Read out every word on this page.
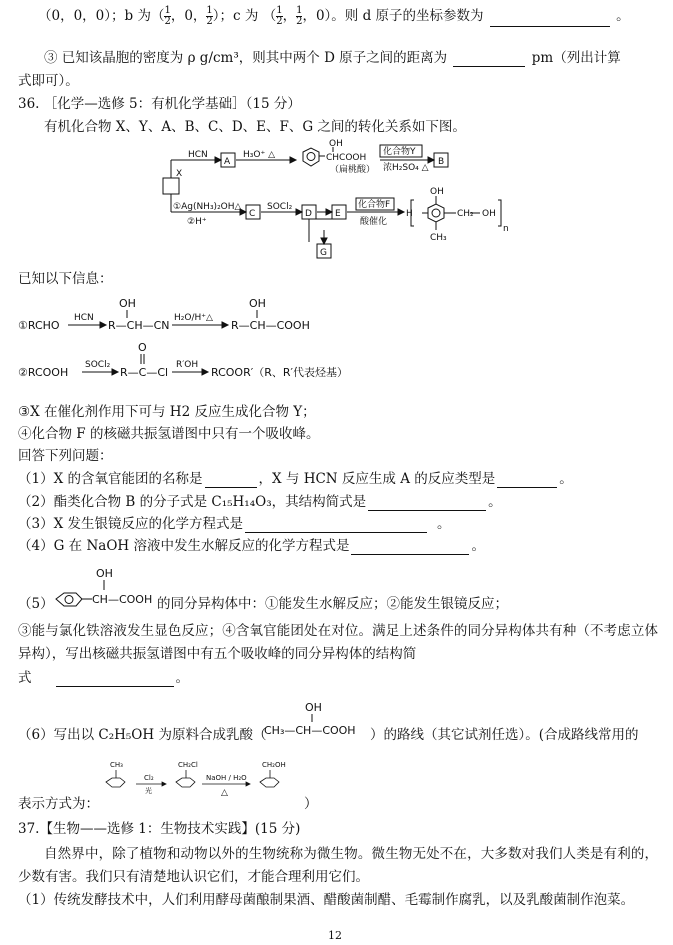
（0，0，0）；b 为（ $\frac{1}{2}$ ，0， $\frac{1}{2}$ ）；c 为 （ $\frac{1}{2}$ ， $\frac{1}{2}$ ，0）。则 d 原子的坐标参数为	。
③ 已知该晶胞的密度为 ρ g/cm³，则其中两个 D 原子之间的距离为	pm（列出计算
式即可）。
36. ［化学—选修 5：有机化学基础］（15 分）
有机化合物 X、Y、A、B、C、D、E、F、G 之间的转化关系如下图。
X
A
HCN	H₃O⁺ △
OH
CHCOOH
（扁桃酸）
化合物Y
浓H₂SO₄ △
B
①Ag(NH₃)₂OH△
②H⁺
C
SOCl₂
D	E
化合物F
酸催化
G
H
OH
CH₂ OH
n
CH₃
已知以下信息：
①RCHO
HCN
R—CH—CN
OH
H₂O/H⁺△
R—CH—COOH
OH
②RCOOH
SOCl₂
R—C—Cl
O
R′OH
RCOOR′（R、R′代表烃基）
③X 在催化剂作用下可与 H2 反应生成化合物 Y；
④化合物 F 的核磁共振氢谱图中只有一个吸收峰。
回答下列问题：
（1）X 的含氧官能团的名称是	，X 与 HCN 反应生成 A 的反应类型是	。
（2）酯类化合物 B 的分子式是 C₁₅H₁₄O₃，其结构简式是	。
（3）X 发生银镜反应的化学方程式是	。
（4）G 在 NaOH 溶液中发生水解反应的化学方程式是	。
（5）
OH
CH—COOH 的同分异构体中：①能发生水解反应；②能发生银镜反应；
③能与氯化铁溶液发生显色反应；④含氧官能团处在对位。满足上述条件的同分异构体共有种（不考虑立体异构），写出核磁共振氢谱图中有五个吸收峰的同分异构体的结构简
式	。
（6）写出以 C₂H₅OH 为原料合成乳酸（
OH
CH₃—CH—COOH ）的路线（其它试剂任选）。(合成路线常用的
CH₃
Cl₂
光
CH₂Cl
NaOH / H₂O
△
CH₂OH
表示方式为：	）
37.【生物——选修 1：生物技术实践】(15 分)
自然界中，除了植物和动物以外的生物统称为微生物。微生物无处不在，大多数对我们人类是有利的，少数有害。我们只有清楚地认识它们，才能合理利用它们。
（1）传统发酵技术中，人们利用酵母菌酿制果酒、醋酸菌制醋、毛霉制作腐乳，以及乳酸菌制作泡菜。
12
